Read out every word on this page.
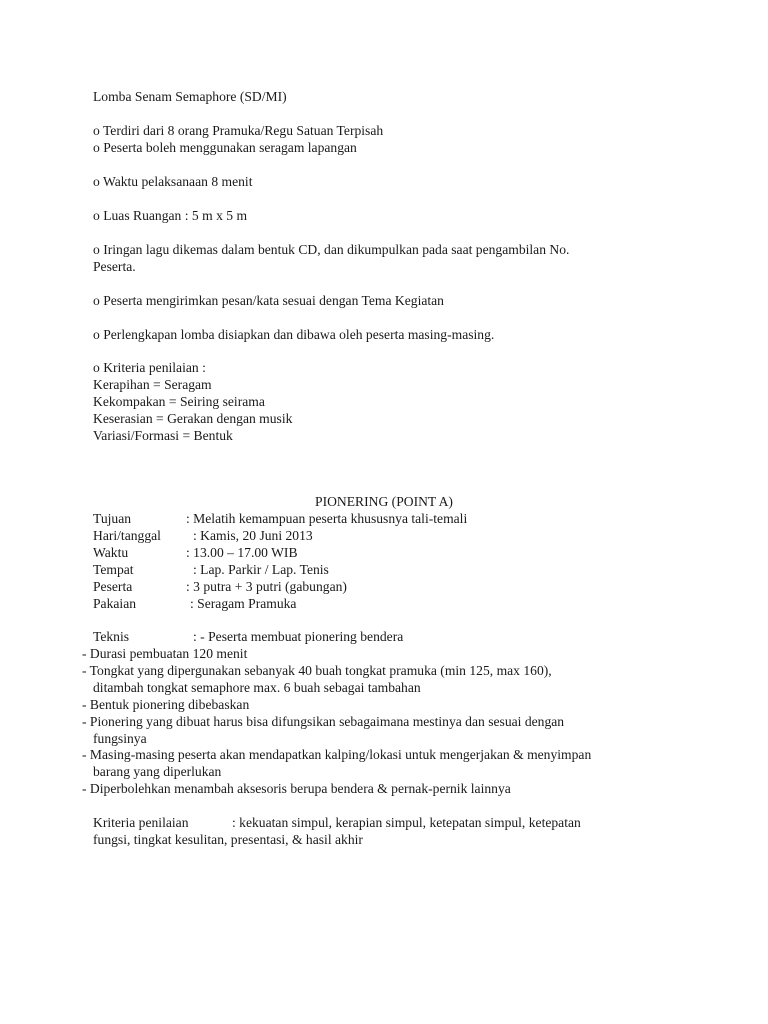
Lomba Senam Semaphore (SD/MI)
o Terdiri dari 8 orang Pramuka/Regu Satuan Terpisah
o Peserta boleh menggunakan seragam lapangan
o Waktu pelaksanaan 8 menit
o Luas Ruangan : 5 m x 5 m
o Iringan lagu dikemas dalam bentuk CD, dan dikumpulkan pada saat pengambilan No.
Peserta.
o Peserta mengirimkan pesan/kata sesuai dengan Tema Kegiatan
o Perlengkapan lomba disiapkan dan dibawa oleh peserta masing-masing.
o Kriteria penilaian :
Kerapihan = Seragam
Kekompakan = Seiring seirama
Keserasian = Gerakan dengan musik
Variasi/Formasi = Bentuk
PIONERING (POINT A)
Tujuan	: Melatih kemampuan peserta khususnya tali-temali
Hari/tanggal : Kamis, 20 Juni 2013
Waktu	: 13.00 – 17.00 WIB
Tempat	: Lap. Parkir / Lap. Tenis
Peserta	: 3 putra + 3 putri (gabungan)
Pakaian	: Seragam Pramuka
Teknis	: - Peserta membuat pionering bendera
- Durasi pembuatan 120 menit
- Tongkat yang dipergunakan sebanyak 40 buah tongkat pramuka (min 125, max 160),
ditambah tongkat semaphore max. 6 buah sebagai tambahan
- Bentuk pionering dibebaskan
- Pionering yang dibuat harus bisa difungsikan sebagaimana mestinya dan sesuai dengan
fungsinya
- Masing-masing peserta akan mendapatkan kalping/lokasi untuk mengerjakan & menyimpan
barang yang diperlukan
- Diperbolehkan menambah aksesoris berupa bendera & pernak-pernik lainnya
Kriteria penilaian	: kekuatan simpul, kerapian simpul, ketepatan simpul, ketepatan
fungsi, tingkat kesulitan, presentasi, & hasil akhir
